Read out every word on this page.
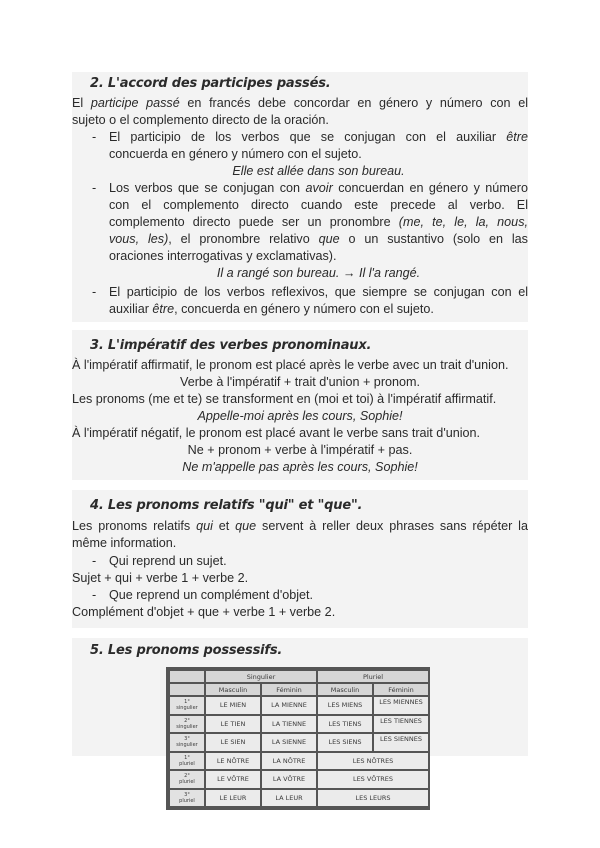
2. L'accord des participes passés.
El participe passé en francés debe concordar en género y número con el
sujeto o el complemento directo de la oración.
- El participio de los verbos que se conjugan con el auxiliar être
concuerda en género y número con el sujeto.
Elle est allée dans son bureau.
- Los verbos que se conjugan con avoir concuerdan en género y número
con el complemento directo cuando este precede al verbo. El
complemento directo puede ser un pronombre (me, te, le, la, nous,
vous, les), el pronombre relativo que o un sustantivo (solo en las
oraciones interrogativas y exclamativas).
Il a rangé son bureau. → Il l'a rangé.
- El participio de los verbos reflexivos, que siempre se conjugan con el
auxiliar être, concuerda en género y número con el sujeto.
3. L'impératif des verbes pronominaux.
À l'impératif affirmatif, le pronom est placé après le verbe avec un trait d'union.
Verbe à l'impératif + trait d'union + pronom.
Les pronoms (me et te) se transforment en (moi et toi) à l'impératif affirmatif.
Appelle-moi après les cours, Sophie!
À l'impératif négatif, le pronom est placé avant le verbe sans trait d'union.
Ne + pronom + verbe à l'impératif + pas.
Ne m'appelle pas après les cours, Sophie!
4. Les pronoms relatifs "qui" et "que".
Les pronoms relatifs qui et que servent à reller deux phrases sans répéter la
même information.
- Qui reprend un sujet.
Sujet + qui + verbe 1 + verbe 2.
- Que reprend un complément d'objet.
Complément d'objet + que + verbe 1 + verbe 2.
5. Les pronoms possessifs.
	Singulier		Pluriel	
	Masculin	Féminin	Masculin	Féminin
1°
singulier	LE MIEN	LA MIENNE	LES MIENS	LES MIENNES
2°
singulier	LE TIEN	LA TIENNE	LES TIENS	LES TIENNES
3°
singulier	LE SIEN	LA SIENNE	LES SIENS	LES SIENNES
1°
pluriel	LE NÔTRE	LA NÔTRE	LES NÔTRES	
2°
pluriel	LE VÔTRE	LA VÔTRE	LES VÔTRES	
3°
pluriel	LE LEUR	LA LEUR	LES LEURS	
